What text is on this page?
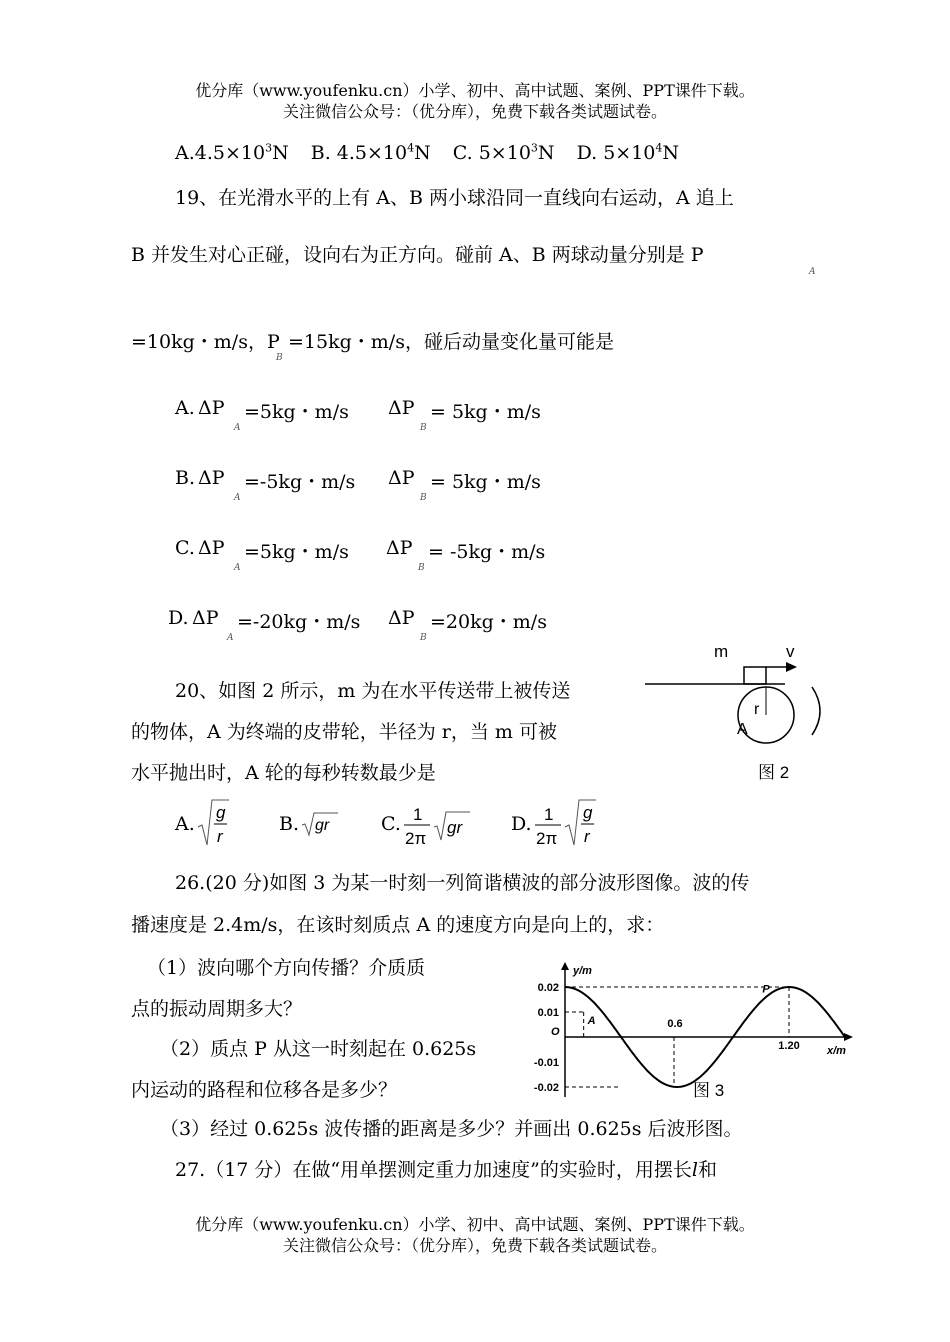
优分库（www.youfenku.cn）小学、初中、高中试题、案例、PPT课件下载。
关注微信公众号：（优分库），免费下载各类试题试卷。
$A.4.5\times 10^3N$ B. $4.5\times 10^4N$ C. $5\times 10^3N$ D. $5\times 10^4N$
19、在光滑水平的上有 A、B 两小球沿同一直线向右运动，A 追上
B 并发生对心正碰，设向右为正方向。碰前 A、B 两球动量分别是 P
A
=10kg・m/s，P
B
=15kg・m/s，碰后动量变化量可能是
A. ΔP
A
=5kg・m/s ΔP
B
= 5kg・m/s
B. ΔP
A
=-5kg・m/s ΔP
B
= 5kg・m/s
C. ΔP
A
=5kg・m/s ΔP
B
= -5kg・m/s
D. ΔP
A
=-20kg・m/s ΔP
B
=20kg・m/s
20、如图 2 所示，m 为在水平传送带上被传送
的物体，A 为终端的皮带轮，半径为 r，当 m 可被
水平抛出时，A 轮的每秒转数最少是
m	v
r
A
图 2
A.
g
r
B. gr	C. 1
2π
gr	D. 1
2π
g
r
26.(20 分)如图 3 为某一时刻一列简谐横波的部分波形图像。波的传
播速度是 2.4m/s，在该时刻质点 A 的速度方向是向上的，求：
（1）波向哪个方向传播？介质质
点的振动周期多大？
（2）质点 P 从这一时刻起在 0.625s
内运动的路程和位移各是多少？
（3）经过 0.625s 波传播的距离是多少？并画出 0.625s 后波形图。
y/m
x/m
O
0.02
0.01
-0.01
-0.02
0.6
1.20
A
P
图 3
27.（17 分）在做“用单摆测定重力加速度”的实验时，用摆长l和
优分库（www.youfenku.cn）小学、初中、高中试题、案例、PPT课件下载。
关注微信公众号：（优分库），免费下载各类试题试卷。
